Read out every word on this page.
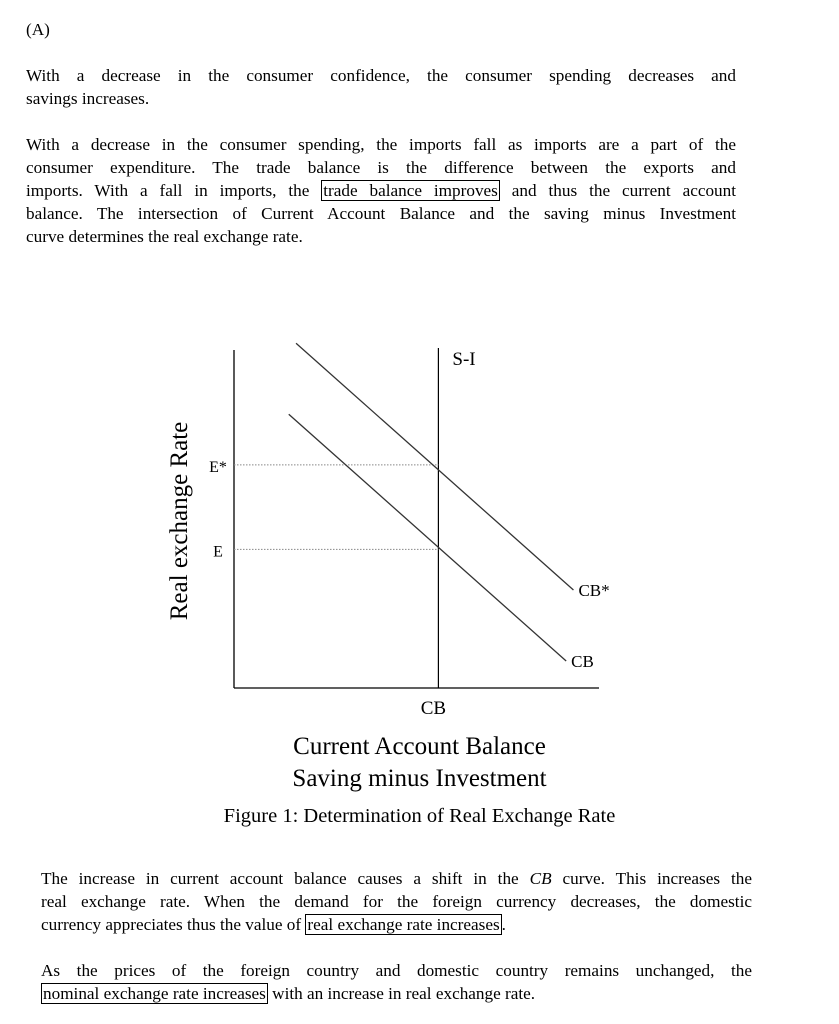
(A)
With a decrease in the consumer confidence, the consumer spending decreases and
savings increases.
With a decrease in the consumer spending, the imports fall as imports are a part of the
consumer expenditure. The trade balance is the difference between the exports and
imports. With a fall in imports, the trade balance improves and thus the current account
balance. The intersection of Current Account Balance and the saving minus Investment
curve determines the real exchange rate.
S-I
CB
E*
E
CB*
CB
Real exchange Rate
Current Account Balance
Saving minus Investment
Figure 1: Determination of Real Exchange Rate
The increase in current account balance causes a shift in the CB curve. This increases the
real exchange rate. When the demand for the foreign currency decreases, the domestic
currency appreciates thus the value of real exchange rate increases .
As the prices of the foreign country and domestic country remains unchanged, the
nominal exchange rate increases with an increase in real exchange rate.
